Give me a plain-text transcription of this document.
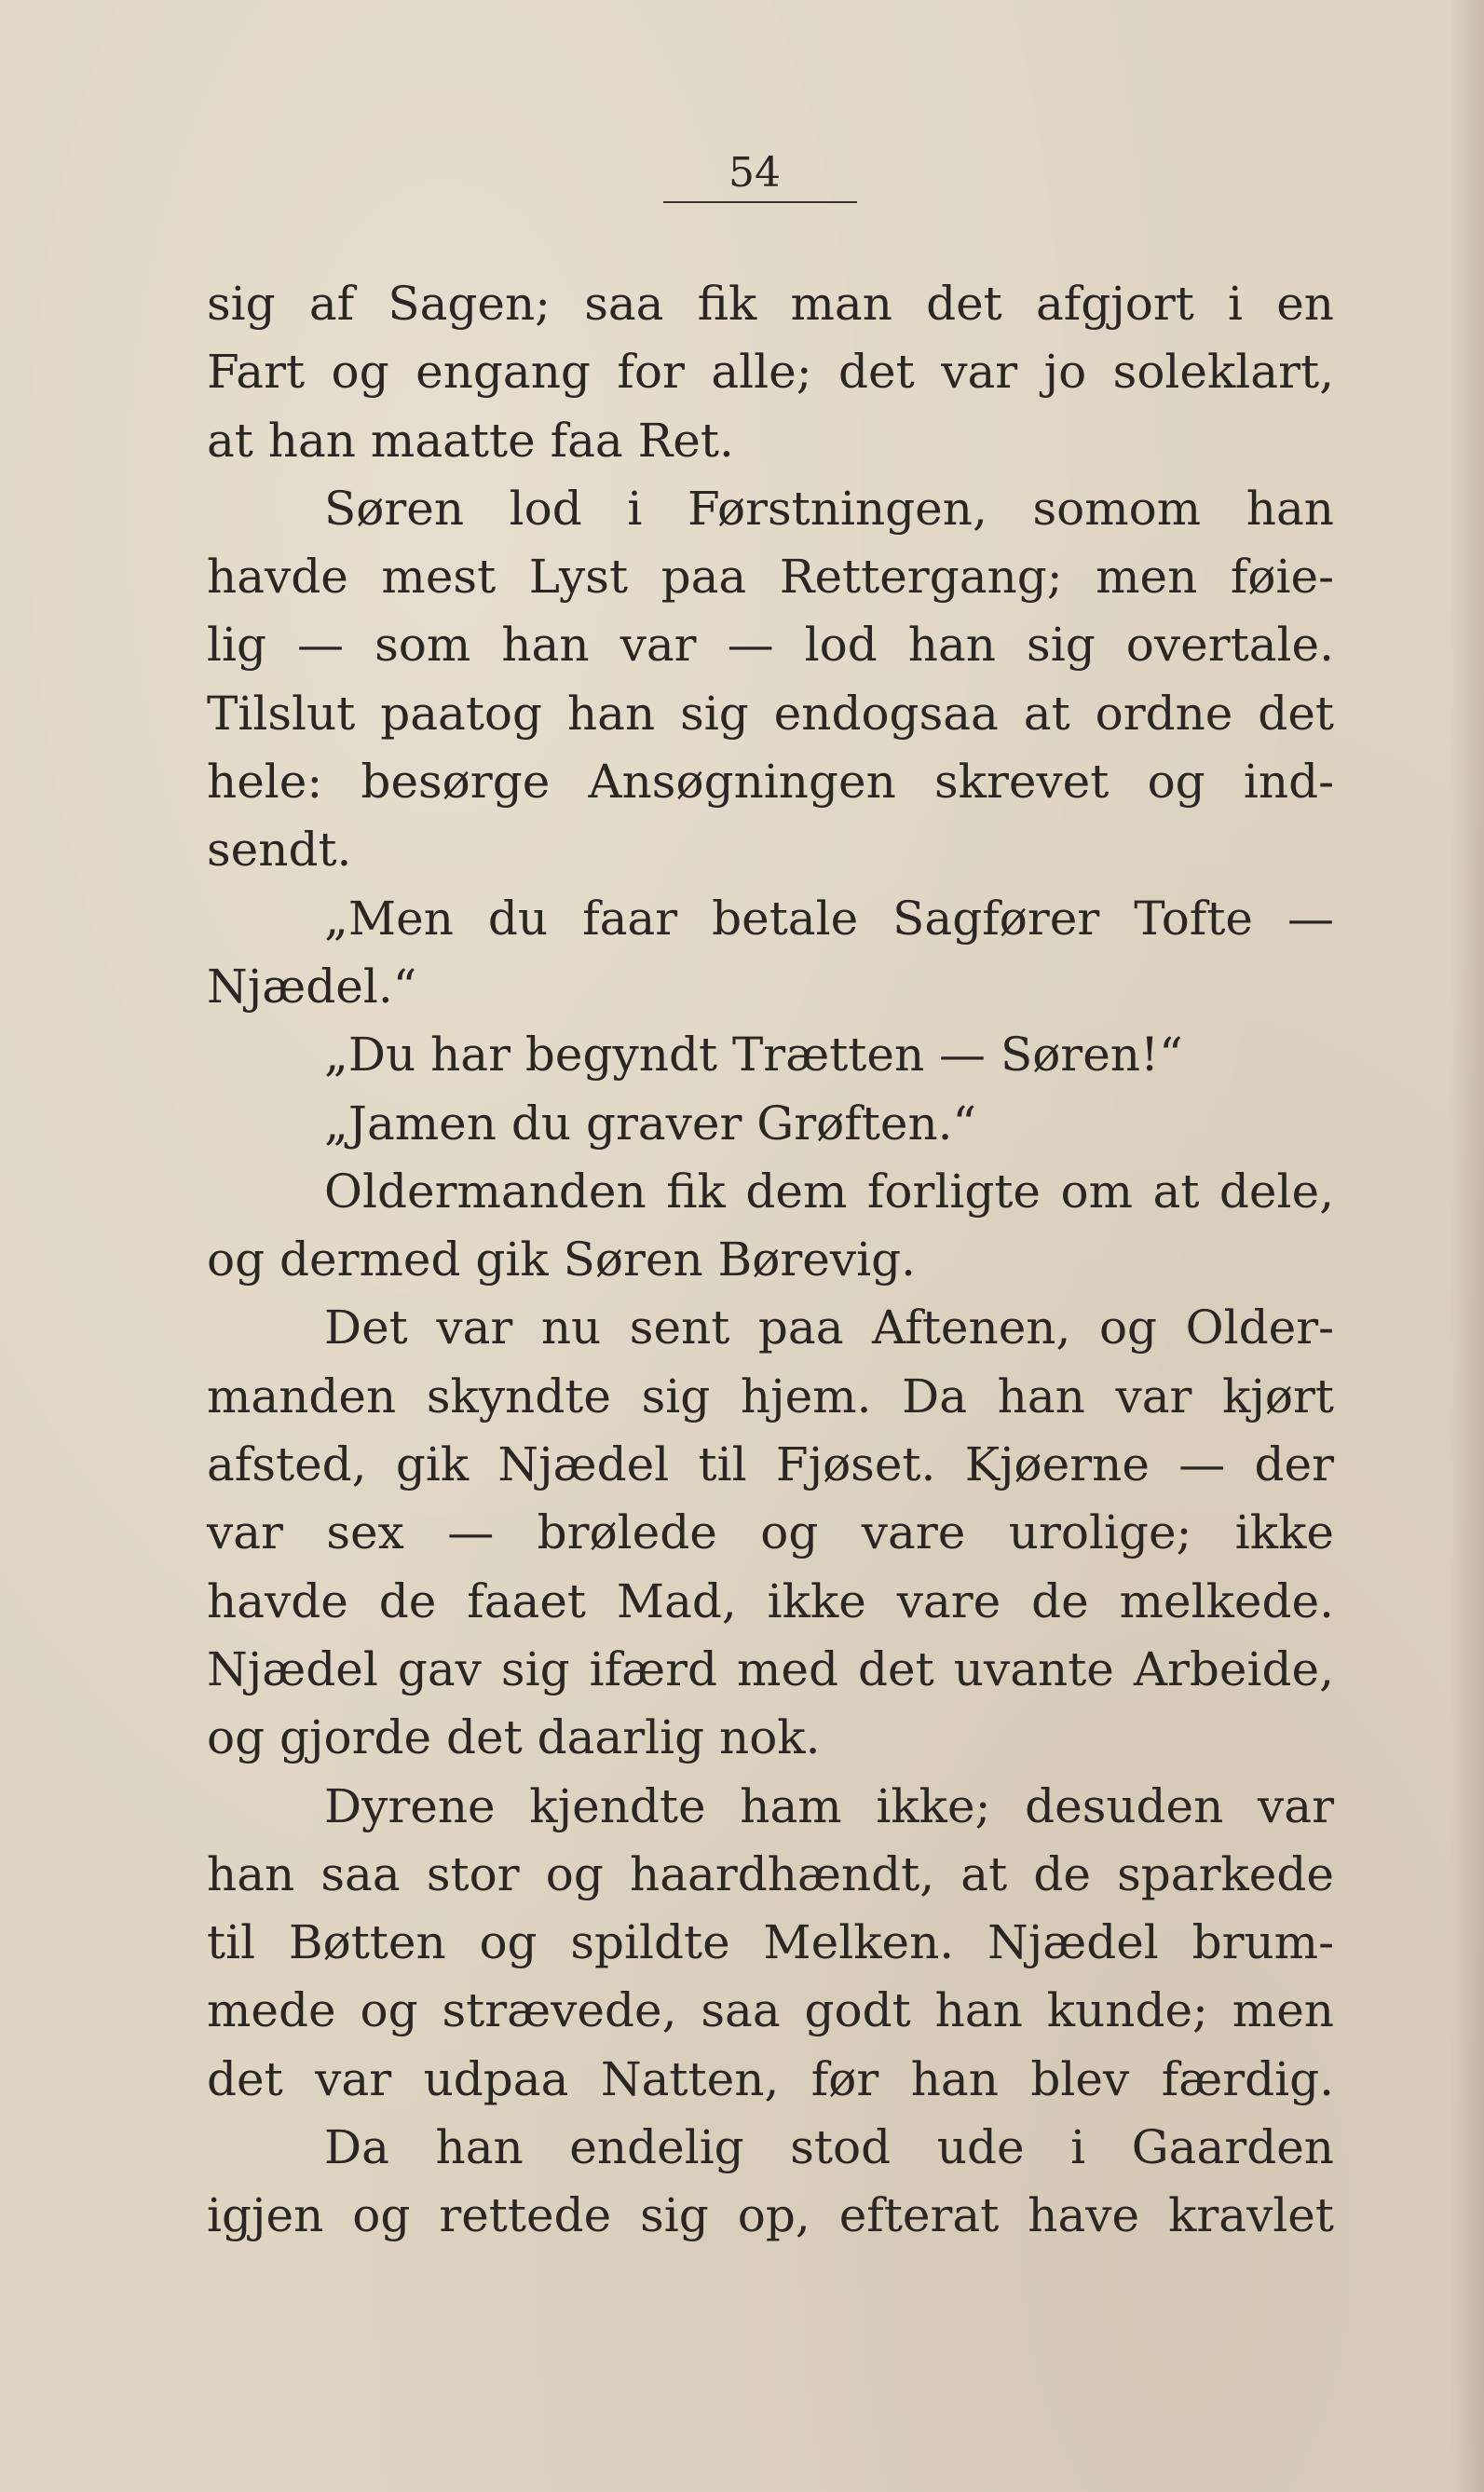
54
sig af Sagen; saa fik man det afgjort i en
Fart og engang for alle; det var jo soleklart,
at han maatte faa Ret.
Søren lod i Førstningen, somom han
havde mest Lyst paa Rettergang; men føie-
lig — som han var — lod han sig overtale.
Tilslut paatog han sig endogsaa at ordne det
hele: besørge Ansøgningen skrevet og ind-
sendt.
„Men du faar betale Sagfører Tofte —
Njædel.“
„Du har begyndt Trætten — Søren!“
„Jamen du graver Grøften.“
Oldermanden fik dem forligte om at dele,
og dermed gik Søren Børevig.
Det var nu sent paa Aftenen, og Older-
manden skyndte sig hjem. Da han var kjørt
afsted, gik Njædel til Fjøset. Kjøerne — der
var sex — brølede og vare urolige; ikke
havde de faaet Mad, ikke vare de melkede.
Njædel gav sig ifærd med det uvante Arbeide,
og gjorde det daarlig nok.
Dyrene kjendte ham ikke; desuden var
han saa stor og haardhændt, at de sparkede
til Bøtten og spildte Melken. Njædel brum-
mede og strævede, saa godt han kunde; men
det var udpaa Natten, før han blev færdig.
Da han endelig stod ude i Gaarden
igjen og rettede sig op, efterat have kravlet
